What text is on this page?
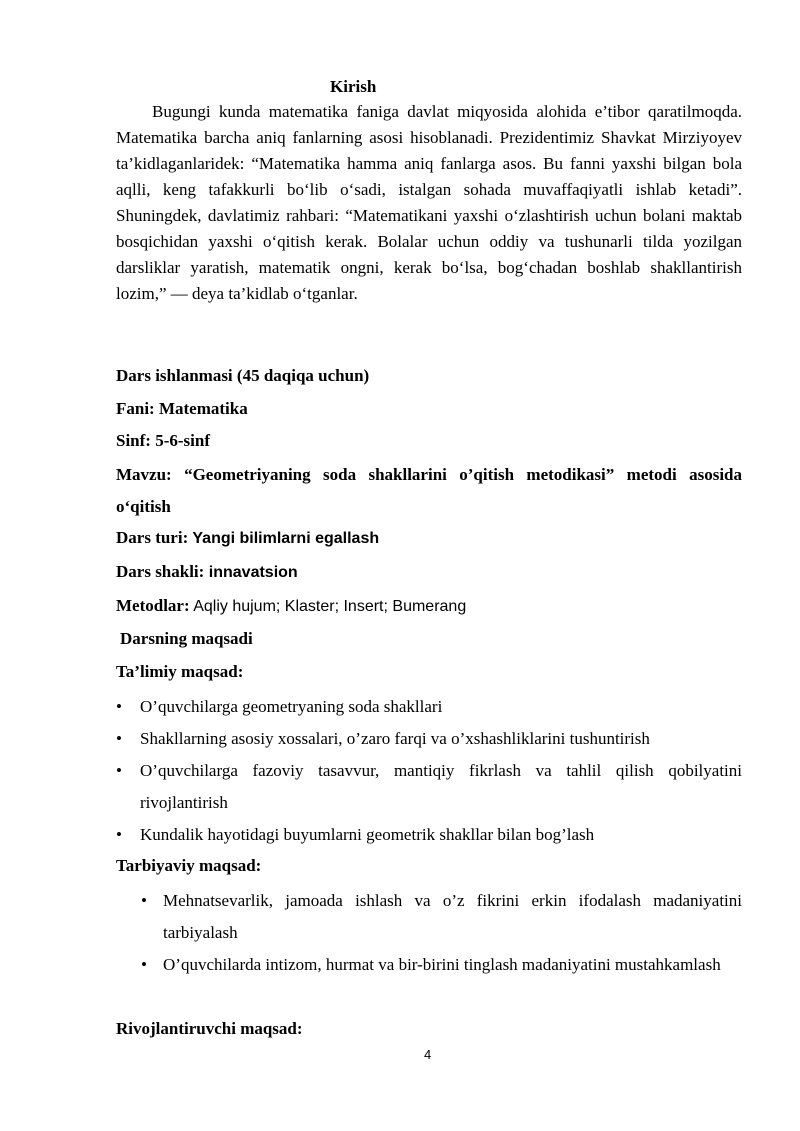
Kirish
Bugungi kunda matematika faniga davlat miqyosida alohida e’tibor qaratilmoqda. Matematika barcha aniq fanlarning asosi hisoblanadi. Prezidentimiz Shavkat Mirziyoyev ta’kidlaganlaridek: “Matematika hamma aniq fanlarga asos. Bu fanni yaxshi bilgan bola aqlli, keng tafakkurli bo‘lib o‘sadi, istalgan sohada muvaffaqiyatli ishlab ketadi”. Shuningdek, davlatimiz rahbari: “Matematikani yaxshi o‘zlashtirish uchun bolani maktab bosqichidan yaxshi o‘qitish kerak. Bolalar uchun oddiy va tushunarli tilda yozilgan darsliklar yaratish, matematik ongni, kerak bo‘lsa, bog‘chadan boshlab shakllantirish lozim,” — deya ta’kidlab o‘tganlar.
Dars ishlanmasi (45 daqiqa uchun)
Fani: Matematika
Sinf: 5-6-sinf
Mavzu: “Geometriyaning soda shakllarini o’qitish metodikasi” metodi asosida o‘qitish
Dars turi: Yangi bilimlarni egallash
Dars shakli: innavatsion
Metodlar: Aqliy hujum; Klaster; Insert; Bumerang
Darsning maqsadi
Ta’limiy maqsad:
•	O’quvchilarga geometryaning soda shakllari
•	Shakllarning asosiy xossalari, o’zaro farqi va o’xshashliklarini tushuntirish
•	O’quvchilarga fazoviy tasavvur, mantiqiy fikrlash va tahlil qilish qobilyatini rivojlantirish
•	Kundalik hayotidagi buyumlarni geometrik shakllar bilan bog’lash
Tarbiyaviy maqsad:
• Mehnatsevarlik, jamoada ishlash va o’z fikrini erkin ifodalash madaniyatini tarbiyalash
• O’quvchilarda intizom, hurmat va bir-birini tinglash madaniyatini mustahkamlash
Rivojlantiruvchi maqsad:
4
